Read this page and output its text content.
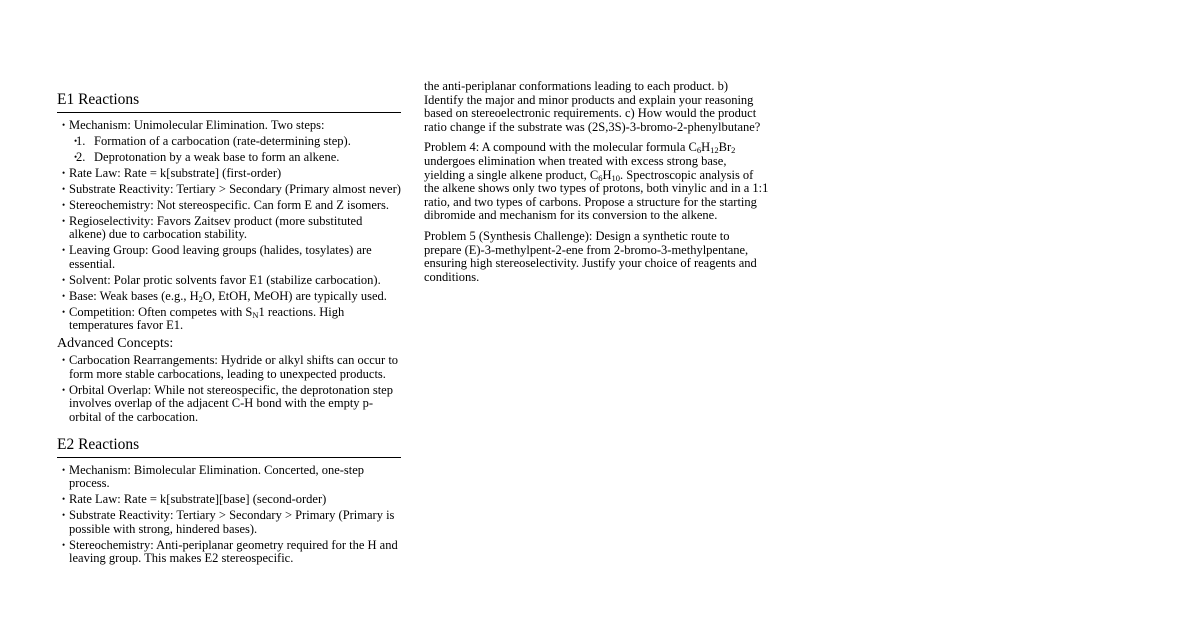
E1 Reactions
• Mechanism: Unimolecular Elimination. Two steps:
• 1. Formation of a carbocation (rate-determining step).
• 2. Deprotonation by a weak base to form an alkene.
• Rate Law: Rate = k[substrate] (first-order)
• Substrate Reactivity: Tertiary > Secondary (Primary almost never)
• Stereochemistry: Not stereospecific. Can form E and Z isomers.
• Regioselectivity: Favors Zaitsev product (more substituted alkene) due to carbocation stability.
• Leaving Group: Good leaving groups (halides, tosylates) are essential.
• Solvent: Polar protic solvents favor E1 (stabilize carbocation).
• Base: Weak bases (e.g., $H_2O$, EtOH, MeOH) are typically used.
• Competition: Often competes with $S_N1$ reactions. High temperatures favor E1.
Advanced Concepts:
• Carbocation Rearrangements: Hydride or alkyl shifts can occur to form more stable carbocations, leading to unexpected products.
• Orbital Overlap: While not stereospecific, the deprotonation step involves overlap of the adjacent C-H bond with the empty p-orbital of the carbocation.
E2 Reactions
• Mechanism: Bimolecular Elimination. Concerted, one-step process.
• Rate Law: Rate = k[substrate][base] (second-order)
• Substrate Reactivity: Tertiary > Secondary > Primary (Primary is possible with strong, hindered bases).
• Stereochemistry: Anti-periplanar geometry required for the H and leaving group. This makes E2 stereospecific.

the anti-periplanar conformations leading to each product. b) Identify the major and minor products and explain your reasoning based on stereoelectronic requirements. c) How would the product ratio change if the substrate was (2S,3S)-3-bromo-2-phenylbutane?

Problem 4: A compound with the molecular formula $C_6H_{12}Br_2$ undergoes elimination when treated with excess strong base, yielding a single alkene product, $C_6H_{10}$. Spectroscopic analysis of the alkene shows only two types of protons, both vinylic and in a 1:1 ratio, and two types of carbons. Propose a structure for the starting dibromide and mechanism for its conversion to the alkene.

Problem 5 (Synthesis Challenge): Design a synthetic route to prepare (E)-3-methylpent-2-ene from 2-bromo-3-methylpentane, ensuring high stereoselectivity. Justify your choice of reagents and conditions.
